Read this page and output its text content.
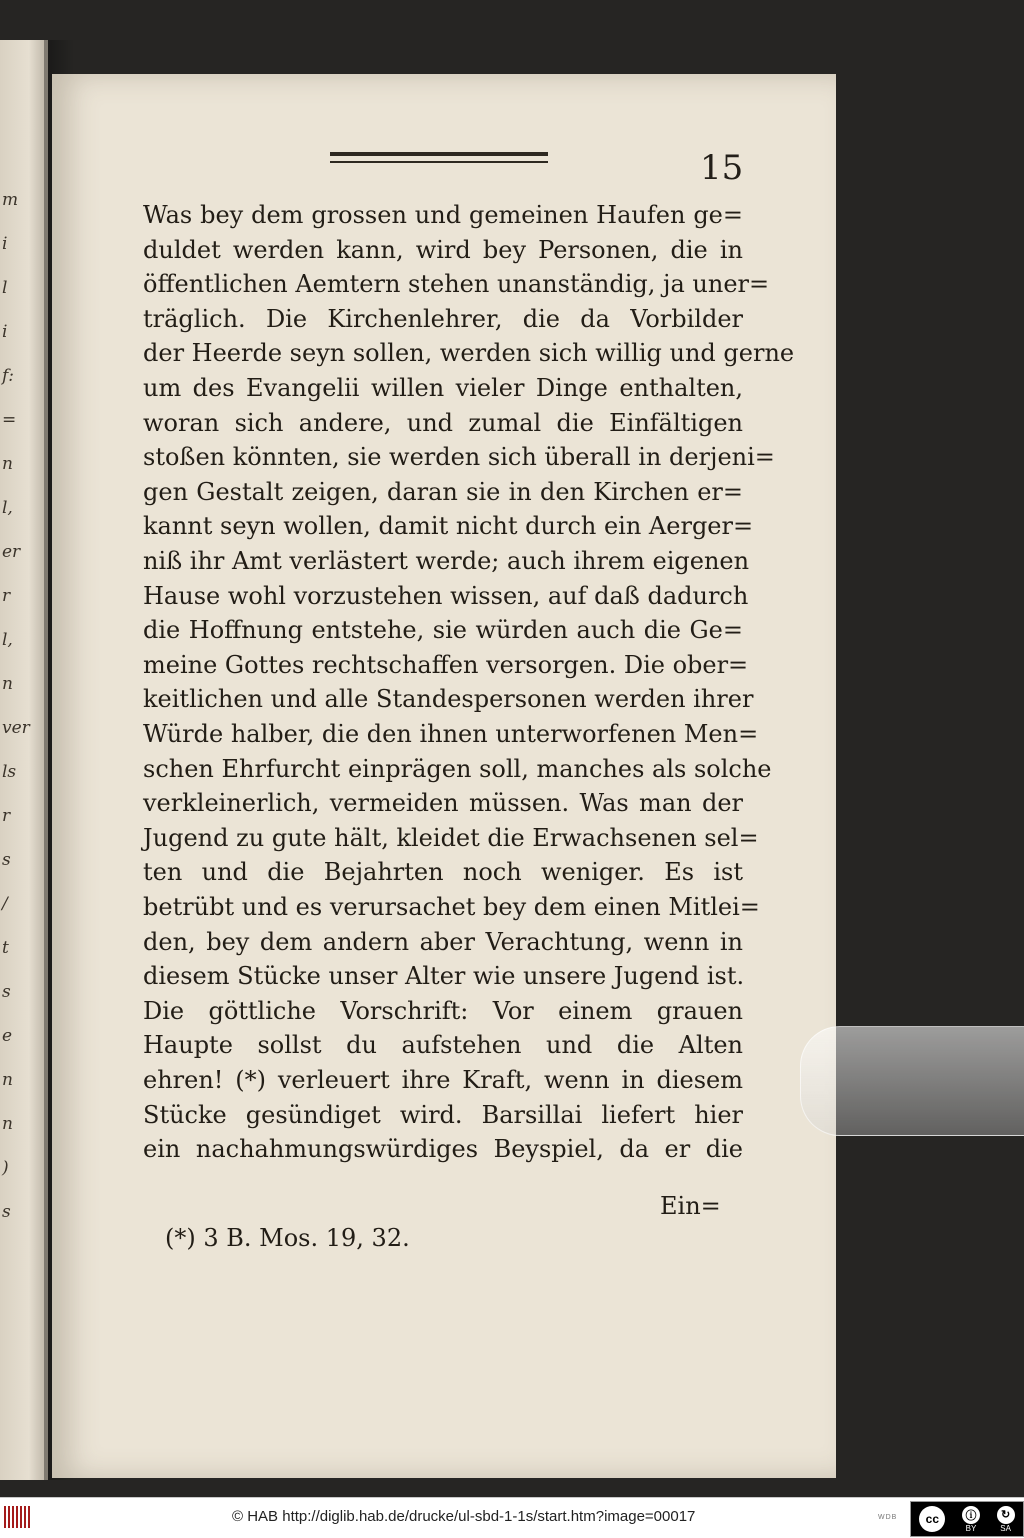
m
i
l
i
f:
=
n
l,
er
r
l,
n
ver
ls
r
s
/
t
s
e
n
n
)
s
15
Was bey dem grossen und gemeinen Haufen ge=
duldet werden kann, wird bey Personen, die in
öffentlichen Aemtern stehen unanständig, ja uner=
träglich. Die Kirchenlehrer, die da Vorbilder
der Heerde seyn sollen, werden sich willig und gerne
um des Evangelii willen vieler Dinge enthalten,
woran sich andere, und zumal die Einfältigen
stoßen könnten, sie werden sich überall in derjeni=
gen Gestalt zeigen, daran sie in den Kirchen er=
kannt seyn wollen, damit nicht durch ein Aerger=
niß ihr Amt verlästert werde; auch ihrem eigenen
Hause wohl vorzustehen wissen, auf daß dadurch
die Hoffnung entstehe, sie würden auch die Ge=
meine Gottes rechtschaffen versorgen. Die ober=
keitlichen und alle Standespersonen werden ihrer
Würde halber, die den ihnen unterworfenen Men=
schen Ehrfurcht einprägen soll, manches als solche
verkleinerlich, vermeiden müssen. Was man der
Jugend zu gute hält, kleidet die Erwachsenen sel=
ten und die Bejahrten noch weniger. Es ist
betrübt und es verursachet bey dem einen Mitlei=
den, bey dem andern aber Verachtung, wenn in
diesem Stücke unser Alter wie unsere Jugend ist.
Die göttliche Vorschrift: Vor einem grauen
Haupte sollst du aufstehen und die Alten
ehren! (*) verleuert ihre Kraft, wenn in diesem
Stücke gesündiget wird. Barsillai liefert hier
ein nachahmungswürdiges Beyspiel, da er die
Ein=
(*) 3 B. Mos. 19, 32.
© HAB http://diglib.hab.de/drucke/ul-sbd-1-1s/start.htm?image=00017	WDB	cc	ⓘ
BY
↻
SA
